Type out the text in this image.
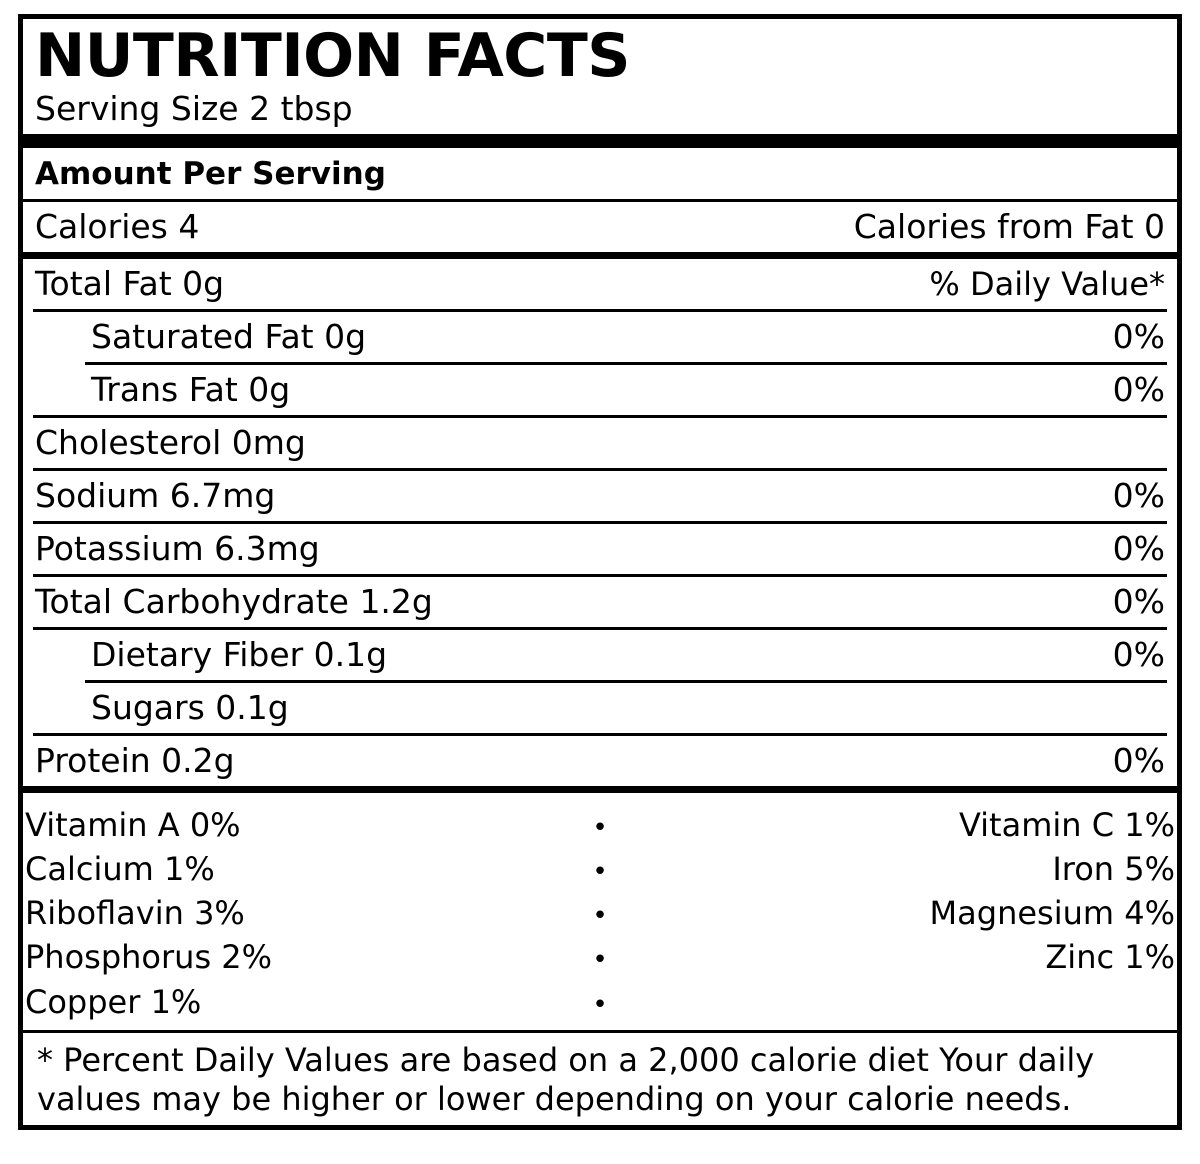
NUTRITION FACTS
Serving Size 2 tbsp
Amount Per Serving
Calories 4	Calories from Fat 0
Total Fat 0g	% Daily Value*
Saturated Fat 0g	0%
Trans Fat 0g	0%
Cholesterol 0mg
Sodium 6.7mg	0%
Potassium 6.3mg	0%
Total Carbohydrate 1.2g	0%
Dietary Fiber 0.1g	0%
Sugars 0.1g
Protein 0.2g	0%
Vitamin A 0%	•	Vitamin C 1%
Calcium 1%	•	Iron 5%
Riboflavin 3%	•	Magnesium 4%
Phosphorus 2%	•	Zinc 1%
Copper 1%	•
* Percent Daily Values are based on a 2,000 calorie diet Your daily values may be higher or lower depending on your calorie needs.
